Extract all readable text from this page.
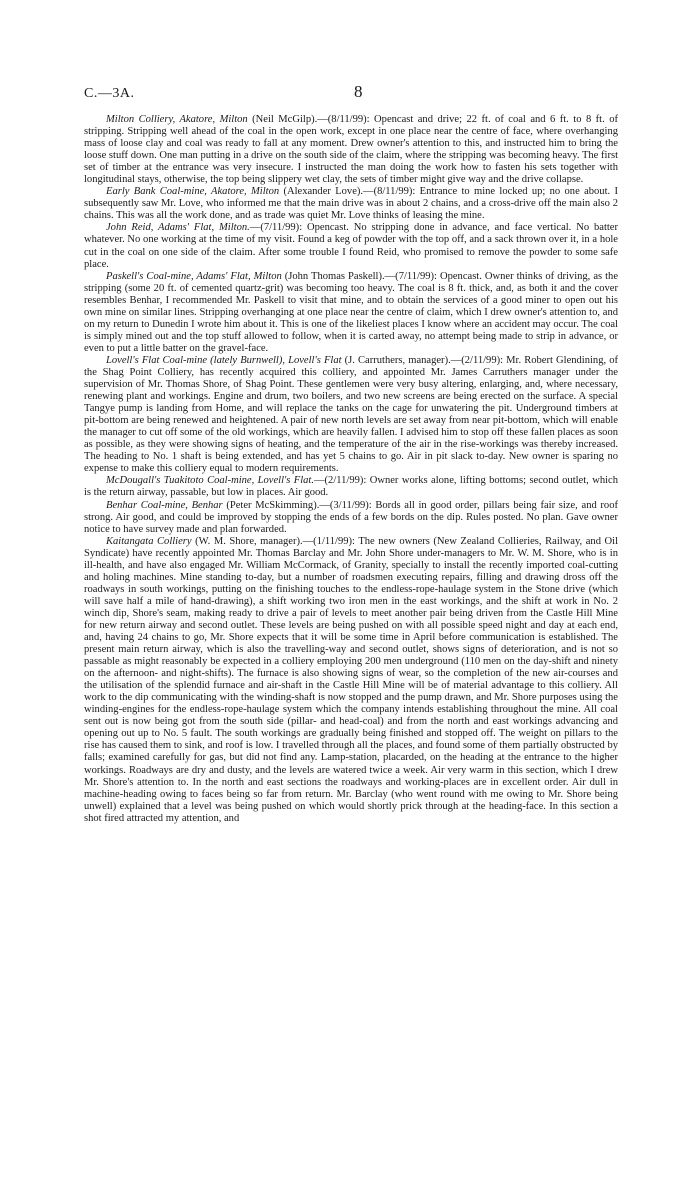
C.—3A.	8

Milton Colliery, Akatore, Milton (Neil McGilp).—(8/11/99): Opencast and drive; 22 ft. of coal and 6 ft. to 8 ft. of stripping. Stripping well ahead of the coal in the open work, except in one place near the centre of face, where overhanging mass of loose clay and coal was ready to fall at any moment. Drew owner's attention to this, and instructed him to bring the loose stuff down. One man putting in a drive on the south side of the claim, where the stripping was becoming heavy. The first set of timber at the entrance was very insecure. I instructed the man doing the work how to fasten his sets together with longitudinal stays, otherwise, the top being slippery wet clay, the sets of timber might give way and the drive collapse.

Early Bank Coal-mine, Akatore, Milton (Alexander Love).—(8/11/99): Entrance to mine locked up; no one about. I subsequently saw Mr. Love, who informed me that the main drive was in about 2 chains, and a cross-drive off the main also 2 chains. This was all the work done, and as trade was quiet Mr. Love thinks of leasing the mine.

John Reid, Adams' Flat, Milton.—(7/11/99): Opencast. No stripping done in advance, and face vertical. No batter whatever. No one working at the time of my visit. Found a keg of powder with the top off, and a sack thrown over it, in a hole cut in the coal on one side of the claim. After some trouble I found Reid, who promised to remove the powder to some safe place.

Paskell's Coal-mine, Adams' Flat, Milton (John Thomas Paskell).—(7/11/99): Opencast. Owner thinks of driving, as the stripping (some 20 ft. of cemented quartz-grit) was becoming too heavy. The coal is 8 ft. thick, and, as both it and the cover resembles Benhar, I recommended Mr. Paskell to visit that mine, and to obtain the services of a good miner to open out his own mine on similar lines. Stripping overhanging at one place near the centre of claim, which I drew owner's attention to, and on my return to Dunedin I wrote him about it. This is one of the likeliest places I know where an accident may occur. The coal is simply mined out and the top stuff allowed to follow, when it is carted away, no attempt being made to strip in advance, or even to put a little batter on the gravel-face.

Lovell's Flat Coal-mine (lately Burnwell), Lovell's Flat (J. Carruthers, manager).—(2/11/99): Mr. Robert Glendining, of the Shag Point Colliery, has recently acquired this colliery, and appointed Mr. James Carruthers manager under the supervision of Mr. Thomas Shore, of Shag Point. These gentlemen were very busy altering, enlarging, and, where necessary, renewing plant and workings. Engine and drum, two boilers, and two new screens are being erected on the surface. A special Tangye pump is landing from Home, and will replace the tanks on the cage for unwatering the pit. Underground timbers at pit-bottom are being renewed and heightened. A pair of new north levels are set away from near pit-bottom, which will enable the manager to cut off some of the old workings, which are heavily fallen. I advised him to stop off these fallen places as soon as possible, as they were showing signs of heating, and the temperature of the air in the rise-workings was thereby increased. The heading to No. 1 shaft is being extended, and has yet 5 chains to go. Air in pit slack to-day. New owner is sparing no expense to make this colliery equal to modern requirements.

McDougall's Tuakitoto Coal-mine, Lovell's Flat.—(2/11/99): Owner works alone, lifting bottoms; second outlet, which is the return airway, passable, but low in places. Air good.

Benhar Coal-mine, Benhar (Peter McSkimming).—(3/11/99): Bords all in good order, pillars being fair size, and roof strong. Air good, and could be improved by stopping the ends of a few bords on the dip. Rules posted. No plan. Gave owner notice to have survey made and plan forwarded.

Kaitangata Colliery (W. M. Shore, manager).—(1/11/99): The new owners (New Zealand Collieries, Railway, and Oil Syndicate) have recently appointed Mr. Thomas Barclay and Mr. John Shore under-managers to Mr. W. M. Shore, who is in ill-health, and have also engaged Mr. William McCormack, of Granity, specially to install the recently imported coal-cutting and holing machines. Mine standing to-day, but a number of roadsmen executing repairs, filling and drawing dross off the roadways in south workings, putting on the finishing touches to the endless-rope-haulage system in the Stone drive (which will save half a mile of hand-drawing), a shift working two iron men in the east workings, and the shift at work in No. 2 winch dip, Shore's seam, making ready to drive a pair of levels to meet another pair being driven from the Castle Hill Mine for new return airway and second outlet. These levels are being pushed on with all possible speed night and day at each end, and, having 24 chains to go, Mr. Shore expects that it will be some time in April before communication is established. The present main return airway, which is also the travelling-way and second outlet, shows signs of deterioration, and is not so passable as might reasonably be expected in a colliery employing 200 men underground (110 men on the day-shift and ninety on the afternoon- and night-shifts). The furnace is also showing signs of wear, so the completion of the new air-courses and the utilisation of the splendid furnace and air-shaft in the Castle Hill Mine will be of material advantage to this colliery. All work to the dip communicating with the winding-shaft is now stopped and the pump drawn, and Mr. Shore purposes using the winding-engines for the endless-rope-haulage system which the company intends establishing throughout the mine. All coal sent out is now being got from the south side (pillar- and head-coal) and from the north and east workings advancing and opening out up to No. 5 fault. The south workings are gradually being finished and stopped off. The weight on pillars to the rise has caused them to sink, and roof is low. I travelled through all the places, and found some of them partially obstructed by falls; examined carefully for gas, but did not find any. Lamp-station, placarded, on the heading at the entrance to the higher workings. Roadways are dry and dusty, and the levels are watered twice a week. Air very warm in this section, which I drew Mr. Shore's attention to. In the north and east sections the roadways and working-places are in excellent order. Air dull in machine-heading owing to faces being so far from return. Mr. Barclay (who went round with me owing to Mr. Shore being unwell) explained that a level was being pushed on which would shortly prick through at the heading-face. In this section a shot fired attracted my attention, and
